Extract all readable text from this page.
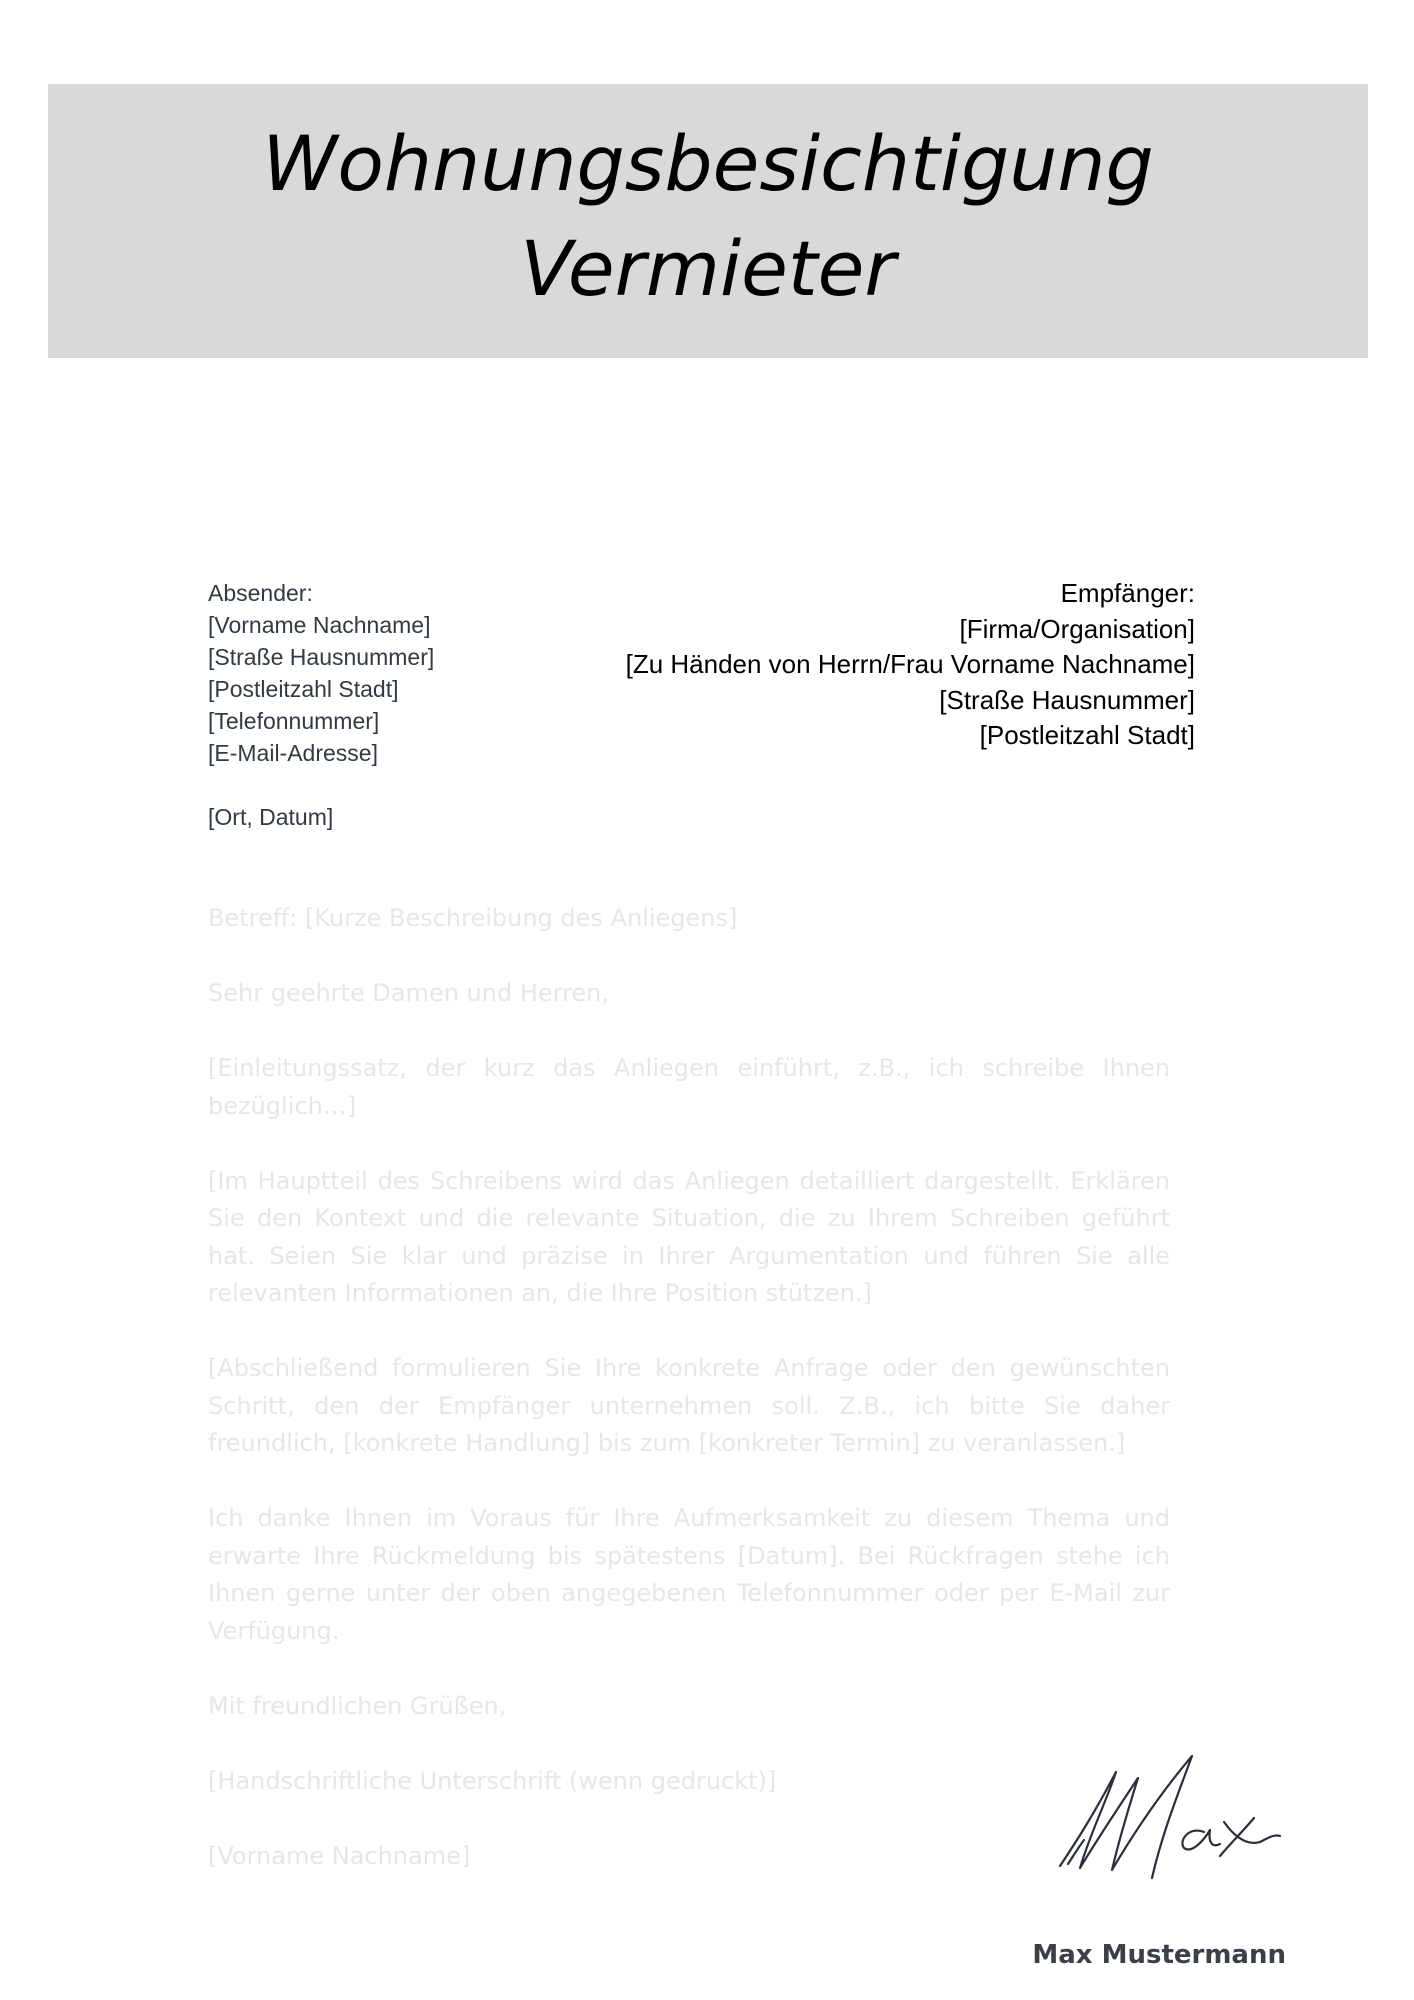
Wohnungsbesichtigung
Vermieter
Absender:
[Vorname Nachname]
[Straße Hausnummer]
[Postleitzahl Stadt]
[Telefonnummer]
[E-Mail-Adresse]
[Ort, Datum]
Empfänger:
[Firma/Organisation]
[Zu Händen von Herrn/Frau Vorname Nachname]
[Straße Hausnummer]
[Postleitzahl Stadt]

Betreff: [Kurze Beschreibung des Anliegens]

Sehr geehrte Damen und Herren,

[Einleitungssatz, der kurz das Anliegen einführt, z.B., ich schreibe Ihnen bezüglich…]

[Im Hauptteil des Schreibens wird das Anliegen detailliert dargestellt. Erklären Sie den Kontext und die relevante Situation, die zu Ihrem Schreiben geführt hat. Seien Sie klar und präzise in Ihrer Argumentation und führen Sie alle relevanten Informationen an, die Ihre Position stützen.]

[Abschließend formulieren Sie Ihre konkrete Anfrage oder den gewünschten Schritt, den der Empfänger unternehmen soll. Z.B., ich bitte Sie daher freundlich, [konkrete Handlung] bis zum [konkreter Termin] zu veranlassen.]

Ich danke Ihnen im Voraus für Ihre Aufmerksamkeit zu diesem Thema und erwarte Ihre Rückmeldung bis spätestens [Datum]. Bei Rückfragen stehe ich Ihnen gerne unter der oben angegebenen Telefonnummer oder per E-Mail zur Verfügung.

Mit freundlichen Grüßen,

[Handschriftliche Unterschrift (wenn gedruckt)]

[Vorname Nachname]

Max Mustermann
